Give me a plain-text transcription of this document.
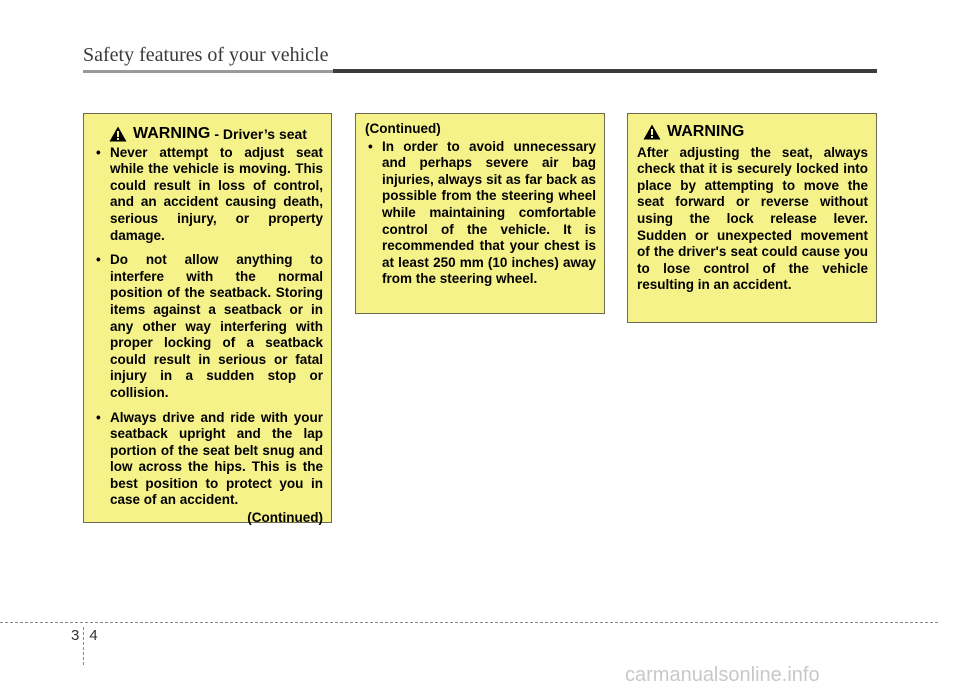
Safety features of your vehicle
WARNING - Driver’s seat
• Never attempt to adjust seat while the vehicle is moving. This could result in loss of control, and an accident causing death, serious injury, or property damage.
• Do not allow anything to interfere with the normal position of the seatback. Storing items against a seatback or in any other way interfering with proper locking of a seatback could result in serious or fatal injury in a sudden stop or collision.
• Always drive and ride with your seatback upright and the lap portion of the seat belt snug and low across the hips. This is the best position to protect you in case of an accident.
(Continued)
(Continued)
• In order to avoid unnecessary and perhaps severe air bag injuries, always sit as far back as possible from the steering wheel while maintaining comfortable control of the vehicle. It is recommended that your chest is at least 250 mm (10 inches) away from the steering wheel.
WARNING
After adjusting the seat, always check that it is securely locked into place by attempting to move the seat forward or reverse without using the lock release lever. Sudden or unexpected movement of the driver's seat could cause you to lose control of the vehicle resulting in an accident.
34
carmanualsonline.info
